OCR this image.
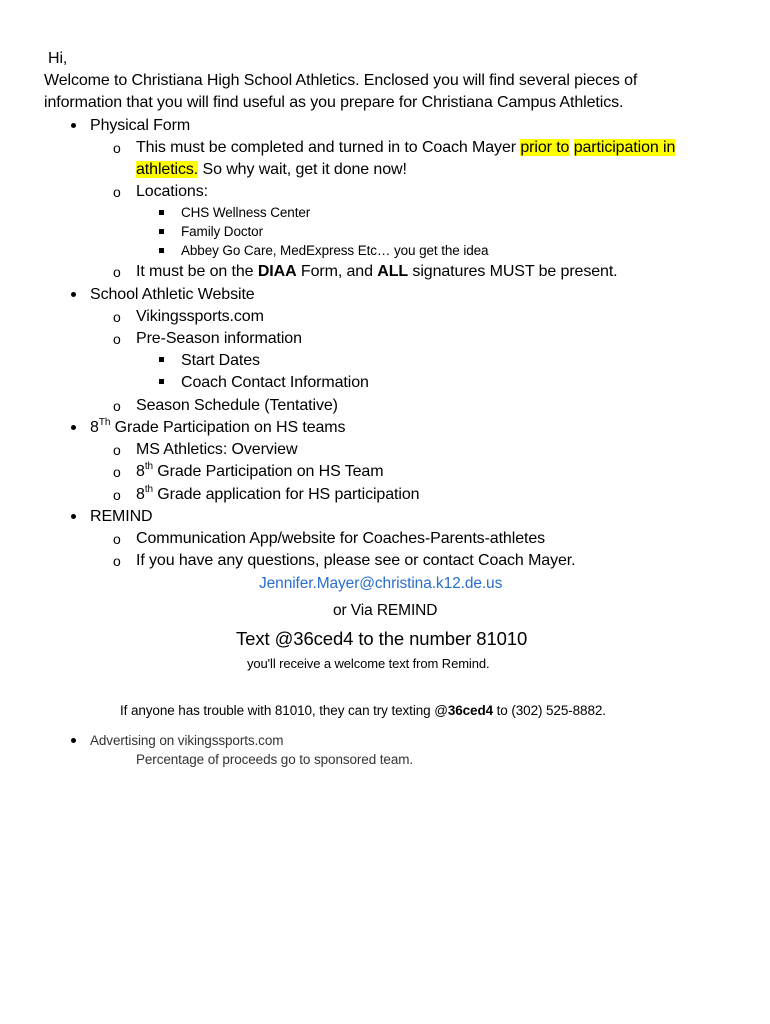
Hi,
Welcome to Christiana High School Athletics. Enclosed you will find several pieces of
information that you will find useful as you prepare for Christiana Campus Athletics.
Physical Form
o This must be completed and turned in to Coach Mayer prior to participation in
athletics. So why wait, get it done now!
o Locations:
CHS Wellness Center
Family Doctor
Abbey Go Care, MedExpress Etc… you get the idea
o It must be on the DIAA Form, and ALL signatures MUST be present.
School Athletic Website
o Vikingssports.com
o Pre-Season information
Start Dates
Coach Contact Information
o Season Schedule (Tentative)
8Th Grade Participation on HS teams
o MS Athletics: Overview
o 8th Grade Participation on HS Team
o 8th Grade application for HS participation
REMIND
o Communication App/website for Coaches-Parents-athletes
o If you have any questions, please see or contact Coach Mayer.
Jennifer.Mayer@christina.k12.de.us
or Via REMIND
Text @36ced4 to the number 81010
you'll receive a welcome text from Remind.
If anyone has trouble with 81010, they can try texting @36ced4 to (302) 525-8882.
Advertising on vikingssports.com
Percentage of proceeds go to sponsored team.
